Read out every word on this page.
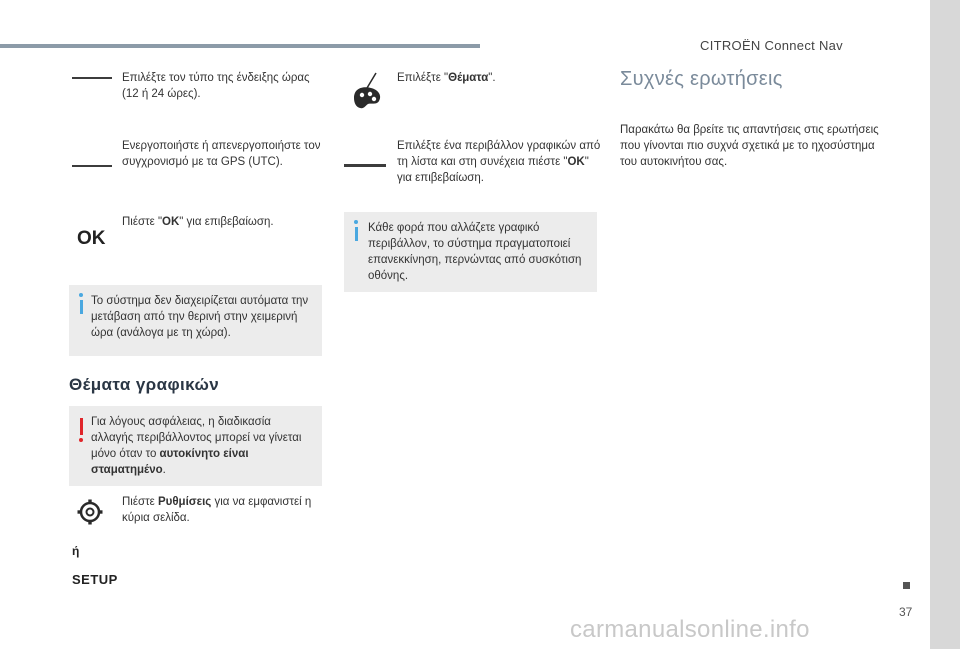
CITROËN Connect Nav
Επιλέξτε τον τύπο της ένδειξης ώρας (12 ή 24 ώρες).
Ενεργοποιήστε ή απενεργοποιήστε τον συγχρονισμό με τα GPS (UTC).
OK
Πιέστε "OK" για επιβεβαίωση.
Το σύστημα δεν διαχειρίζεται αυτόματα την μετάβαση από την θερινή στην χειμερινή ώρα (ανάλογα με τη χώρα).
Θέματα γραφικών
Για λόγους ασφάλειας, η διαδικασία αλλαγής περιβάλλοντος μπορεί να γίνεται μόνο όταν το αυτοκίνητο είναι σταματημένο.
Πιέστε Ρυθμίσεις για να εμφανιστεί η κύρια σελίδα.
ή
SETUP
Επιλέξτε "Θέματα".
Επιλέξτε ένα περιβάλλον γραφικών από τη λίστα και στη συνέχεια πιέστε "OK" για επιβεβαίωση.
Κάθε φορά που αλλάζετε γραφικό περιβάλλον, το σύστημα πραγματοποιεί επανεκκίνηση, περνώντας από συσκότιση οθόνης.
Συχνές ερωτήσεις
Παρακάτω θα βρείτε τις απαντήσεις στις ερωτήσεις που γίνονται πιο συχνά σχετικά με το ηχοσύστημα του αυτοκινήτου σας.
37
carmanualsonline.info
